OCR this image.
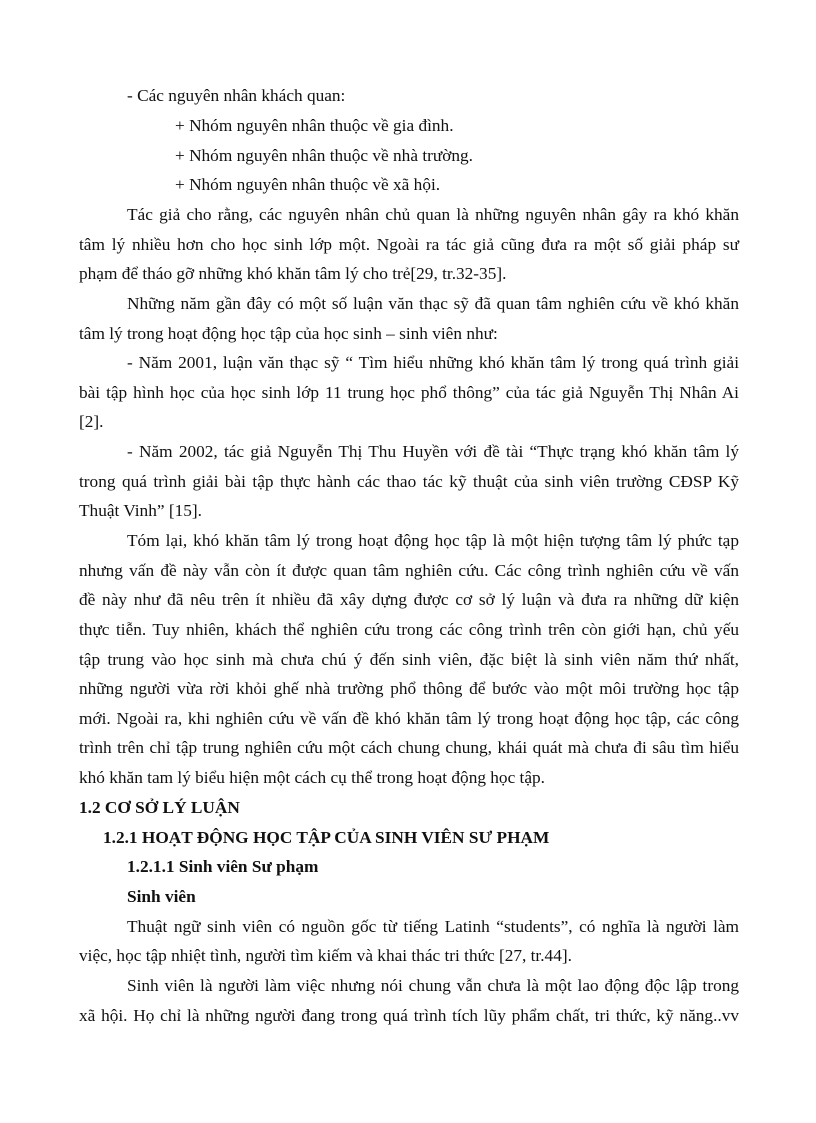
- Các nguyên nhân khách quan:
+ Nhóm nguyên nhân thuộc về gia đình.
+ Nhóm nguyên nhân thuộc về nhà trường.
+ Nhóm nguyên nhân thuộc về xã hội.
Tác giả cho rằng, các nguyên nhân chủ quan là những nguyên nhân gây ra khó khăn
tâm lý nhiều hơn cho học sinh lớp một. Ngoài ra tác giả cũng đưa ra một số giải pháp sư
phạm để tháo gỡ những khó khăn tâm lý cho trẻ[29, tr.32-35].
Những năm gần đây có một số luận văn thạc sỹ đã quan tâm nghiên cứu về khó khăn
tâm lý trong hoạt động học tập của học sinh – sinh viên như:
- Năm 2001, luận văn thạc sỹ “ Tìm hiểu những khó khăn tâm lý trong quá trình giải
bài tập hình học của học sinh lớp 11 trung học phổ thông” của tác giả Nguyễn Thị Nhân Ai
[2].
- Năm 2002, tác giả Nguyễn Thị Thu Huyền với đề tài “Thực trạng khó khăn tâm lý
trong quá trình giải bài tập thực hành các thao tác kỹ thuật của sinh viên trường CĐSP Kỹ
Thuật Vinh” [15].
Tóm lại, khó khăn tâm lý trong hoạt động học tập là một hiện tượng tâm lý phức tạp
nhưng vấn đề này vẫn còn ít được quan tâm nghiên cứu. Các công trình nghiên cứu về vấn
đề này như đã nêu trên ít nhiều đã xây dựng được cơ sở lý luận và đưa ra những dữ kiện
thực tiễn. Tuy nhiên, khách thể nghiên cứu trong các công trình trên còn giới hạn, chủ yếu
tập trung vào học sinh mà chưa chú ý đến sinh viên, đặc biệt là sinh viên năm thứ nhất,
những người vừa rời khỏi ghế nhà trường phổ thông để bước vào một môi trường học tập
mới. Ngoài ra, khi nghiên cứu về vấn đề khó khăn tâm lý trong hoạt động học tập, các công
trình trên chỉ tập trung nghiên cứu một cách chung chung, khái quát mà chưa đi sâu tìm hiểu
khó khăn tam lý biểu hiện một cách cụ thể trong hoạt động học tập.
1.2 CƠ SỞ LÝ LUẬN
1.2.1 HOẠT ĐỘNG HỌC TẬP CỦA SINH VIÊN SƯ PHẠM
1.2.1.1 Sinh viên Sư phạm
Sinh viên
Thuật ngữ sinh viên có nguồn gốc từ tiếng Latinh “students”, có nghĩa là người làm
việc, học tập nhiệt tình, người tìm kiếm và khai thác tri thức [27, tr.44].
Sinh viên là người làm việc nhưng nói chung vẫn chưa là một lao động độc lập trong
xã hội. Họ chỉ là những người đang trong quá trình tích lũy phẩm chất, tri thức, kỹ năng..vv
